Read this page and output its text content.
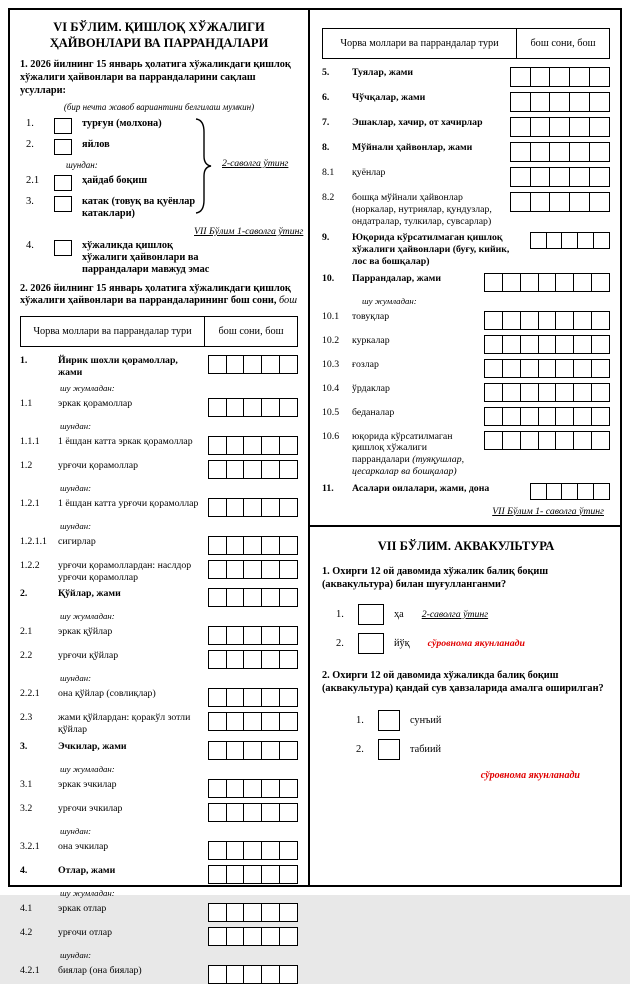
VI БЎЛИМ. ҚИШЛОҚ ХЎЖАЛИГИ ҲАЙВОНЛАРИ ВА ПАРРАНДАЛАРИ
1. 2026 йилнинг 15 январь ҳолатига хўжаликдаги қишлоқ хўжалиги ҳайвонлари ва паррандаларини сақлаш усуллари:
(бир нечта жавоб вариантини белгилаш мумкин)
1.	турғун (молхона)
2.	яйлов
шундан:
2.1	ҳайдаб боқиш
3.	катак (товуқ ва қуёнлар катаклари)
4.	хўжаликда қишлоқ хўжалиги ҳайвонлари ва паррандалари мавжуд эмас
2-саволга ўтинг
VII Бўлим 1-саволга ўтинг
2. 2026 йилнинг 15 январь ҳолатига хўжаликдаги қишлоқ хўжалиги ҳайвонлари ва паррандаларининг бош сони, бош
Чорва моллари ва паррандалар тури	бош сони, бош
1.	Йирик шохли қорамоллар, жами
шу жумладан:
1.1	эркак қорамоллар
шундан:
1.1.1	1 ёшдан катта эркак қорамоллар
1.2	урғочи қорамоллар
шундан:
1.2.1	1 ёшдан катта урғочи қорамоллар
шундан:
1.2.1.1	сигирлар
1.2.2	урғочи қорамоллардан: наслдор урғочи қорамоллар
2.	Қўйлар, жами
шу жумладан:
2.1	эркак қўйлар
2.2	урғочи қўйлар
шундан:
2.2.1	она қўйлар (совлиқлар)
2.3	жами қўйлардан: қоракўл зотли қўйлар
3.	Эчкилар, жами
шу жумладан:
3.1	эркак эчкилар
3.2	урғочи эчкилар
шундан:
3.2.1	она эчкилар
4.	Отлар, жами
шу жумладан:
4.1	эркак отлар
4.2	урғочи отлар
шундан:
4.2.1	биялар (она биялар)
Чорва моллари ва паррандалар тури	бош сони, бош
5.	Туялар, жами
6.	Чўчқалар, жами
7.	Эшаклар, хачир, от хачирлар
8.	Мўйнали ҳайвонлар, жами
8.1	қуёнлар
8.2	бошқа мўйнали ҳайвонлар (норкалар, нутриялар, қундузлар, ондатралар, тулкилар, сувсарлар)
9.	Юқорида кўрсатилмаган қишлоқ хўжалиги ҳайвонлари (буғу, кийик, лос ва бошқалар)
10.	Паррандалар, жами
шу жумладан:
10.1	товуқлар
10.2	куркалар
10.3	ғозлар
10.4	ўрдаклар
10.5	беданалар
10.6	юқорида кўрсатилмаган қишлоқ хўжалиги паррандалари (туяқушлар, цесаркалар ва бошқалар)
11.	Асалари оилалари, жами, дона
VII Бўлим 1- саволга ўтинг
VII БЎЛИМ. АКВАКУЛЬТУРА
1. Охирги 12 ой давомида хўжалик балиқ боқиш (аквакультура) билан шуғулланганми?
1.	ҳа 2-саволга ўтинг
2.	йўқ сўровнома якунланади
2. Охирги 12 ой давомида хўжаликда балиқ боқиш (аквакультура) қандай сув ҳавзаларида амалга оширилган?
1.	сунъий
2.	табиий
сўровнома якунланади
